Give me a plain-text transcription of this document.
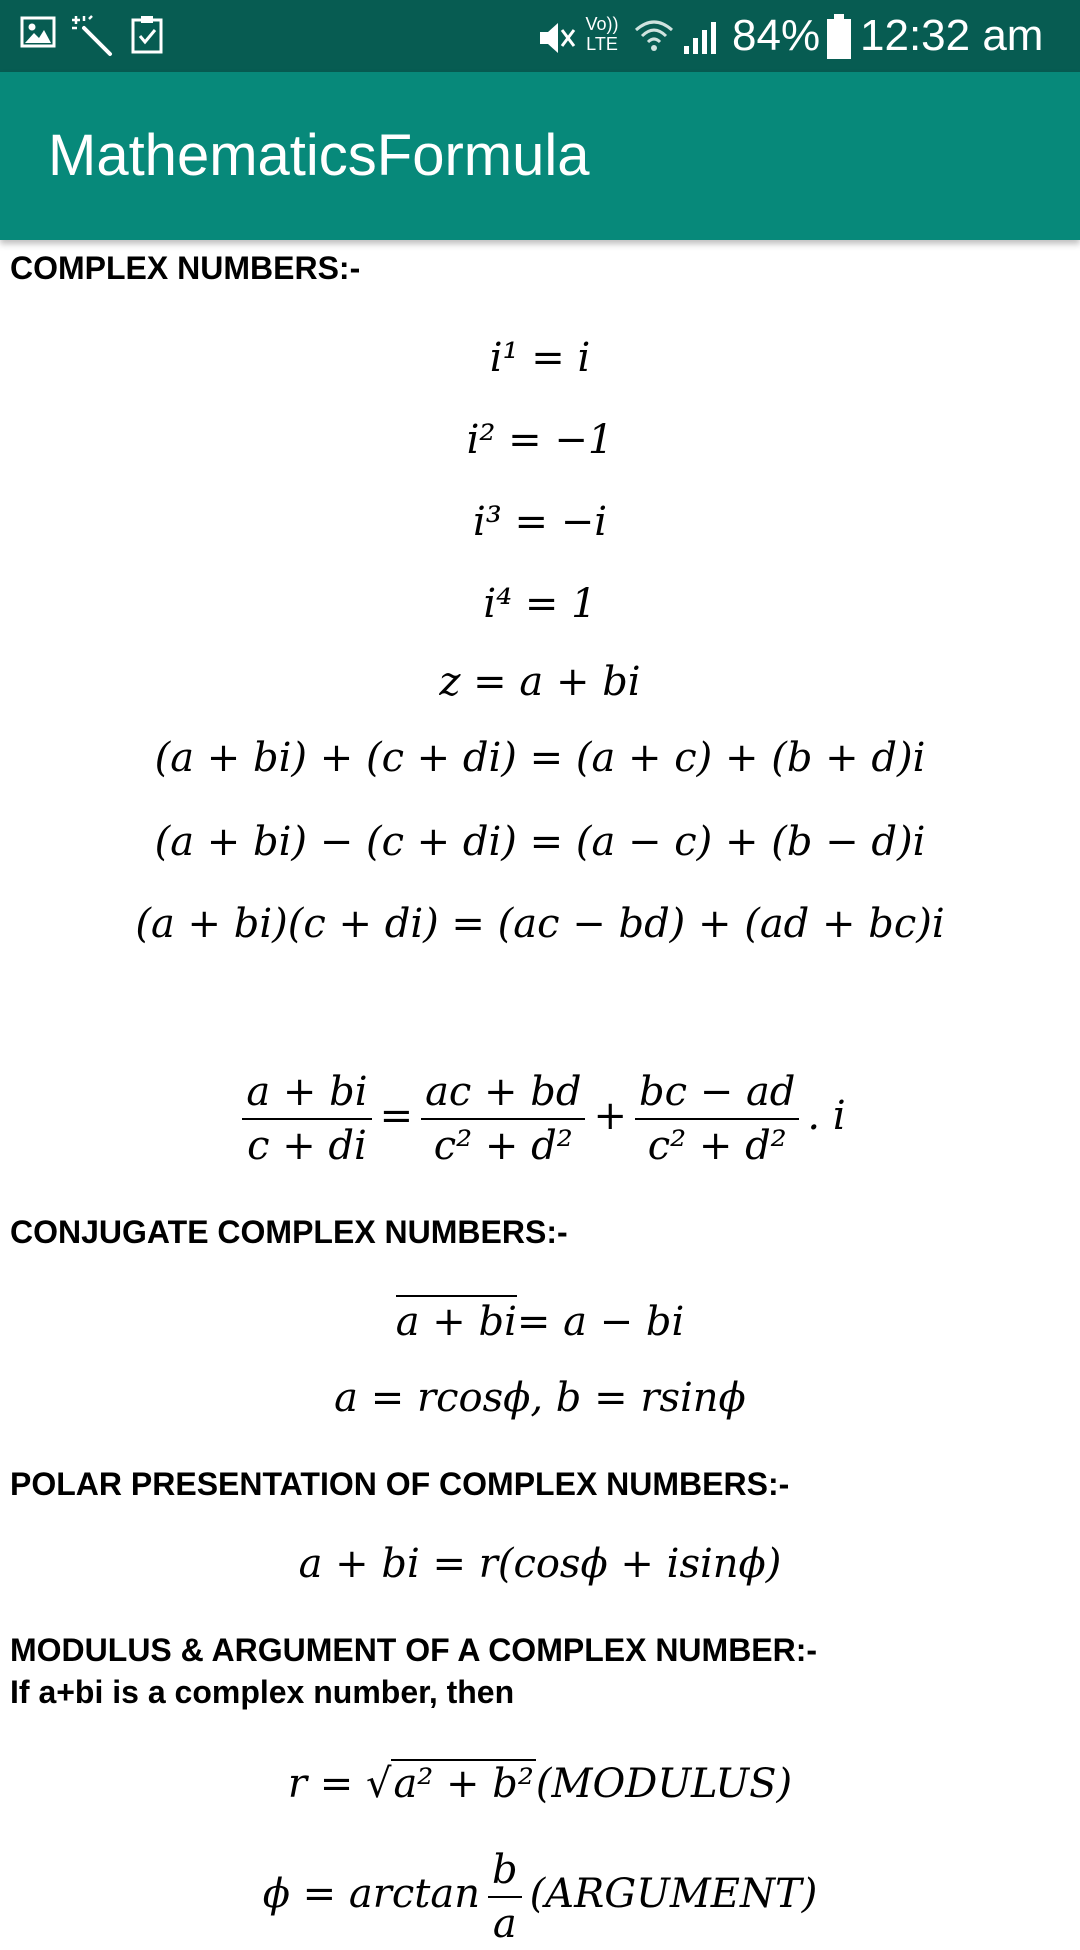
Vo))
LTE	84% 12:32 am
MathematicsFormula
COMPLEX NUMBERS:-
i¹ = i
i² = −1
i³ = −i
i⁴ = 1
z = a + bi
(a + bi) + (c + di) = (a + c) + (b + d)i
(a + bi) − (c + di) = (a − c) + (b − d)i
(a + bi)(c + di) = (ac − bd) + (ad + bc)i
$\frac{a + bi}{c + di} = \frac{ac + bd}{\text{c² + d²}} + \frac{bc - ad}{\text{c² + d²}}$ . i
CONJUGATE COMPLEX NUMBERS:-
a + bi= a − bi
a = rcosϕ, b = rsinϕ
POLAR PRESENTATION OF COMPLEX NUMBERS:-
a + bi = r(cosϕ + isinϕ)
MODULUS & ARGUMENT OF A COMPLEX NUMBER:-
If a+bi is a complex number, then
r = √a² + b²(MODULUS)
$\phi = \arctan \frac{b}{a}$ (ARGUMENT)
